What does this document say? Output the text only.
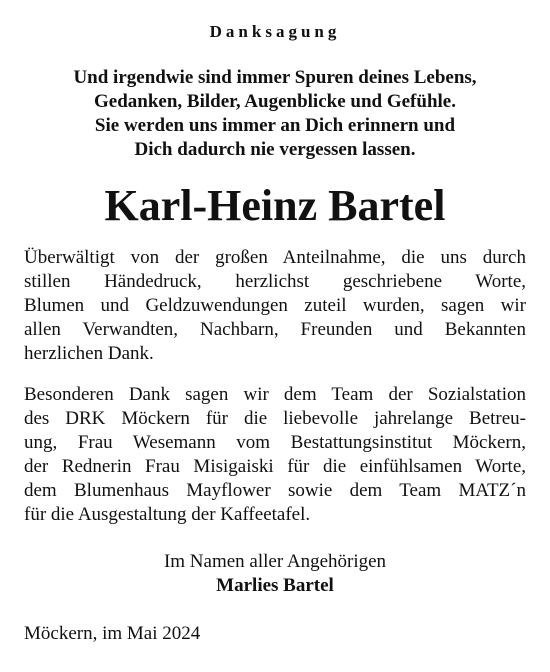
Danksagung
Und irgendwie sind immer Spuren deines Lebens,
Gedanken, Bilder, Augenblicke und Gefühle.
Sie werden uns immer an Dich erinnern und
Dich dadurch nie vergessen lassen.
Karl-Heinz Bartel
Überwältigt von der großen Anteilnahme, die uns durch
stillen Händedruck, herzlichst geschriebene Worte,
Blumen und Geldzuwendungen zuteil wurden, sagen wir
allen Verwandten, Nachbarn, Freunden und Bekannten
herzlichen Dank.
Besonderen Dank sagen wir dem Team der Sozialstation
des DRK Möckern für die liebevolle jahrelange Betreu-
ung, Frau Wesemann vom Bestattungsinstitut Möckern,
der Rednerin Frau Misigaiski für die einfühlsamen Worte,
dem Blumenhaus Mayflower sowie dem Team MATZ´n
für die Ausgestaltung der Kaffeetafel.
Im Namen aller Angehörigen
Marlies Bartel
Möckern, im Mai 2024
